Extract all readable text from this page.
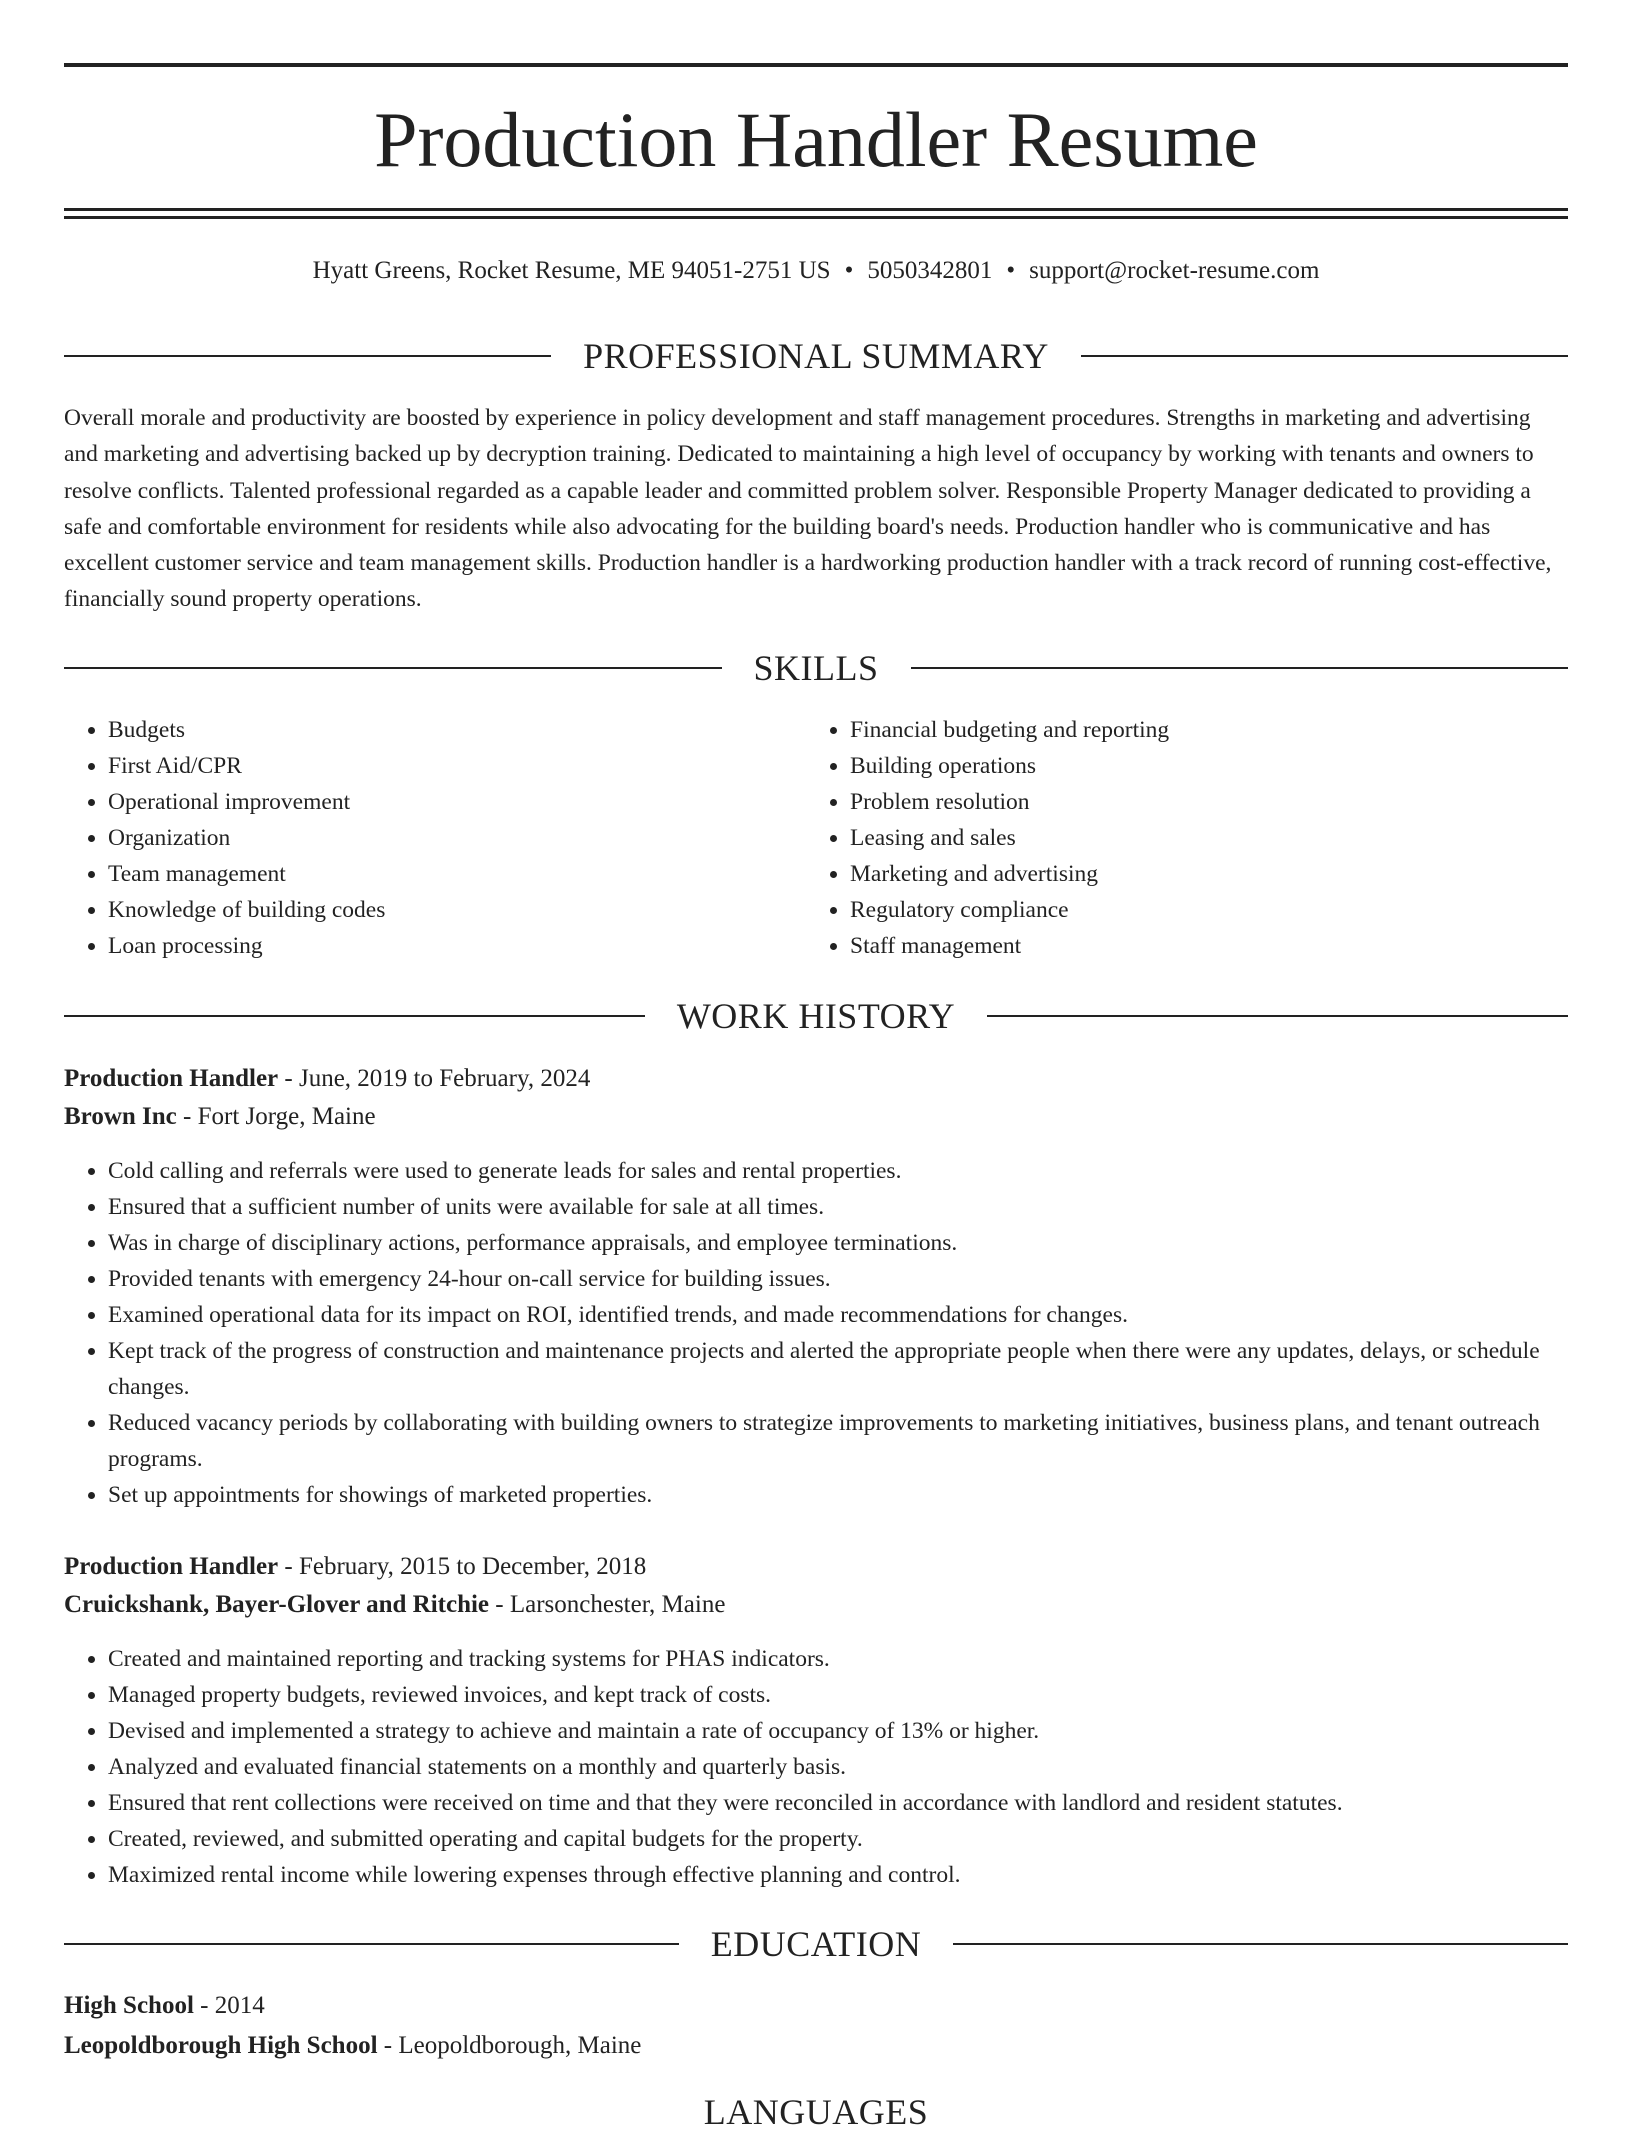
Production Handler Resume
Hyatt Greens, Rocket Resume, ME 94051-2751 US • 5050342801 • support@rocket-resume.com
PROFESSIONAL SUMMARY

Overall morale and productivity are boosted by experience in policy development and staff management procedures. Strengths in marketing and advertising and marketing and advertising backed up by decryption training. Dedicated to maintaining a high level of occupancy by working with tenants and owners to resolve conflicts. Talented professional regarded as a capable leader and committed problem solver. Responsible Property Manager dedicated to providing a safe and comfortable environment for residents while also advocating for the building board's needs. Production handler who is communicative and has excellent customer service and team management skills. Production handler is a hardworking production handler with a track record of running cost-effective, financially sound property operations.

SKILLS
• Budgets
• First Aid/CPR
• Operational improvement
• Organization
• Team management
• Knowledge of building codes
• Loan processing
• Financial budgeting and reporting
• Building operations
• Problem resolution
• Leasing and sales
• Marketing and advertising
• Regulatory compliance
• Staff management
WORK HISTORY
Production Handler - June, 2019 to February, 2024
Brown Inc - Fort Jorge, Maine
• Cold calling and referrals were used to generate leads for sales and rental properties.
• Ensured that a sufficient number of units were available for sale at all times.
• Was in charge of disciplinary actions, performance appraisals, and employee terminations.
• Provided tenants with emergency 24-hour on-call service for building issues.
• Examined operational data for its impact on ROI, identified trends, and made recommendations for changes.
• Kept track of the progress of construction and maintenance projects and alerted the appropriate people when there were any updates, delays, or schedule changes.
• Reduced vacancy periods by collaborating with building owners to strategize improvements to marketing initiatives, business plans, and tenant outreach programs.
• Set up appointments for showings of marketed properties.
Production Handler - February, 2015 to December, 2018
Cruickshank, Bayer-Glover and Ritchie - Larsonchester, Maine
• Created and maintained reporting and tracking systems for PHAS indicators.
• Managed property budgets, reviewed invoices, and kept track of costs.
• Devised and implemented a strategy to achieve and maintain a rate of occupancy of 13% or higher.
• Analyzed and evaluated financial statements on a monthly and quarterly basis.
• Ensured that rent collections were received on time and that they were reconciled in accordance with landlord and resident statutes.
• Created, reviewed, and submitted operating and capital budgets for the property.
• Maximized rental income while lowering expenses through effective planning and control.
EDUCATION
High School - 2014
Leopoldborough High School - Leopoldborough, Maine
LANGUAGES
